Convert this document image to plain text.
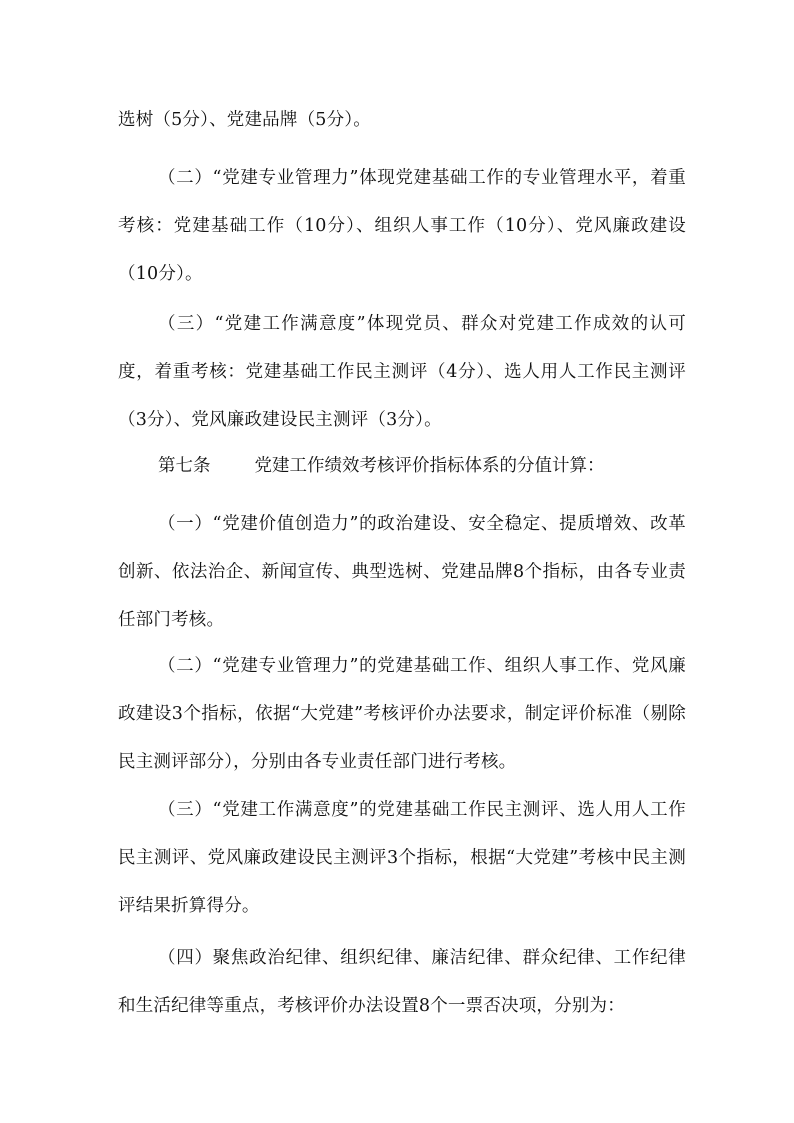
选树（5分）、党建品牌（5分）。

（二）“党建专业管理力”体现党建基础工作的专业管理水平，着重考核：党建基础工作（10分）、组织人事工作（10分）、党风廉政建设（10分）。

（三）“党建工作满意度”体现党员、群众对党建工作成效的认可度，着重考核：党建基础工作民主测评（4分）、选人用人工作民主测评（3分）、党风廉政建设民主测评（3分）。

第七条	党建工作绩效考核评价指标体系的分值计算：

（一）“党建价值创造力”的政治建设、安全稳定、提质增效、改革创新、依法治企、新闻宣传、典型选树、党建品牌8个指标，由各专业责任部门考核。

（二）“党建专业管理力”的党建基础工作、组织人事工作、党风廉政建设3个指标，依据“大党建”考核评价办法要求，制定评价标准（剔除民主测评部分），分别由各专业责任部门进行考核。

（三）“党建工作满意度”的党建基础工作民主测评、选人用人工作民主测评、党风廉政建设民主测评3个指标，根据“大党建”考核中民主测评结果折算得分。

（四）聚焦政治纪律、组织纪律、廉洁纪律、群众纪律、工作纪律和生活纪律等重点，考核评价办法设置8个一票否决项，分别为：
